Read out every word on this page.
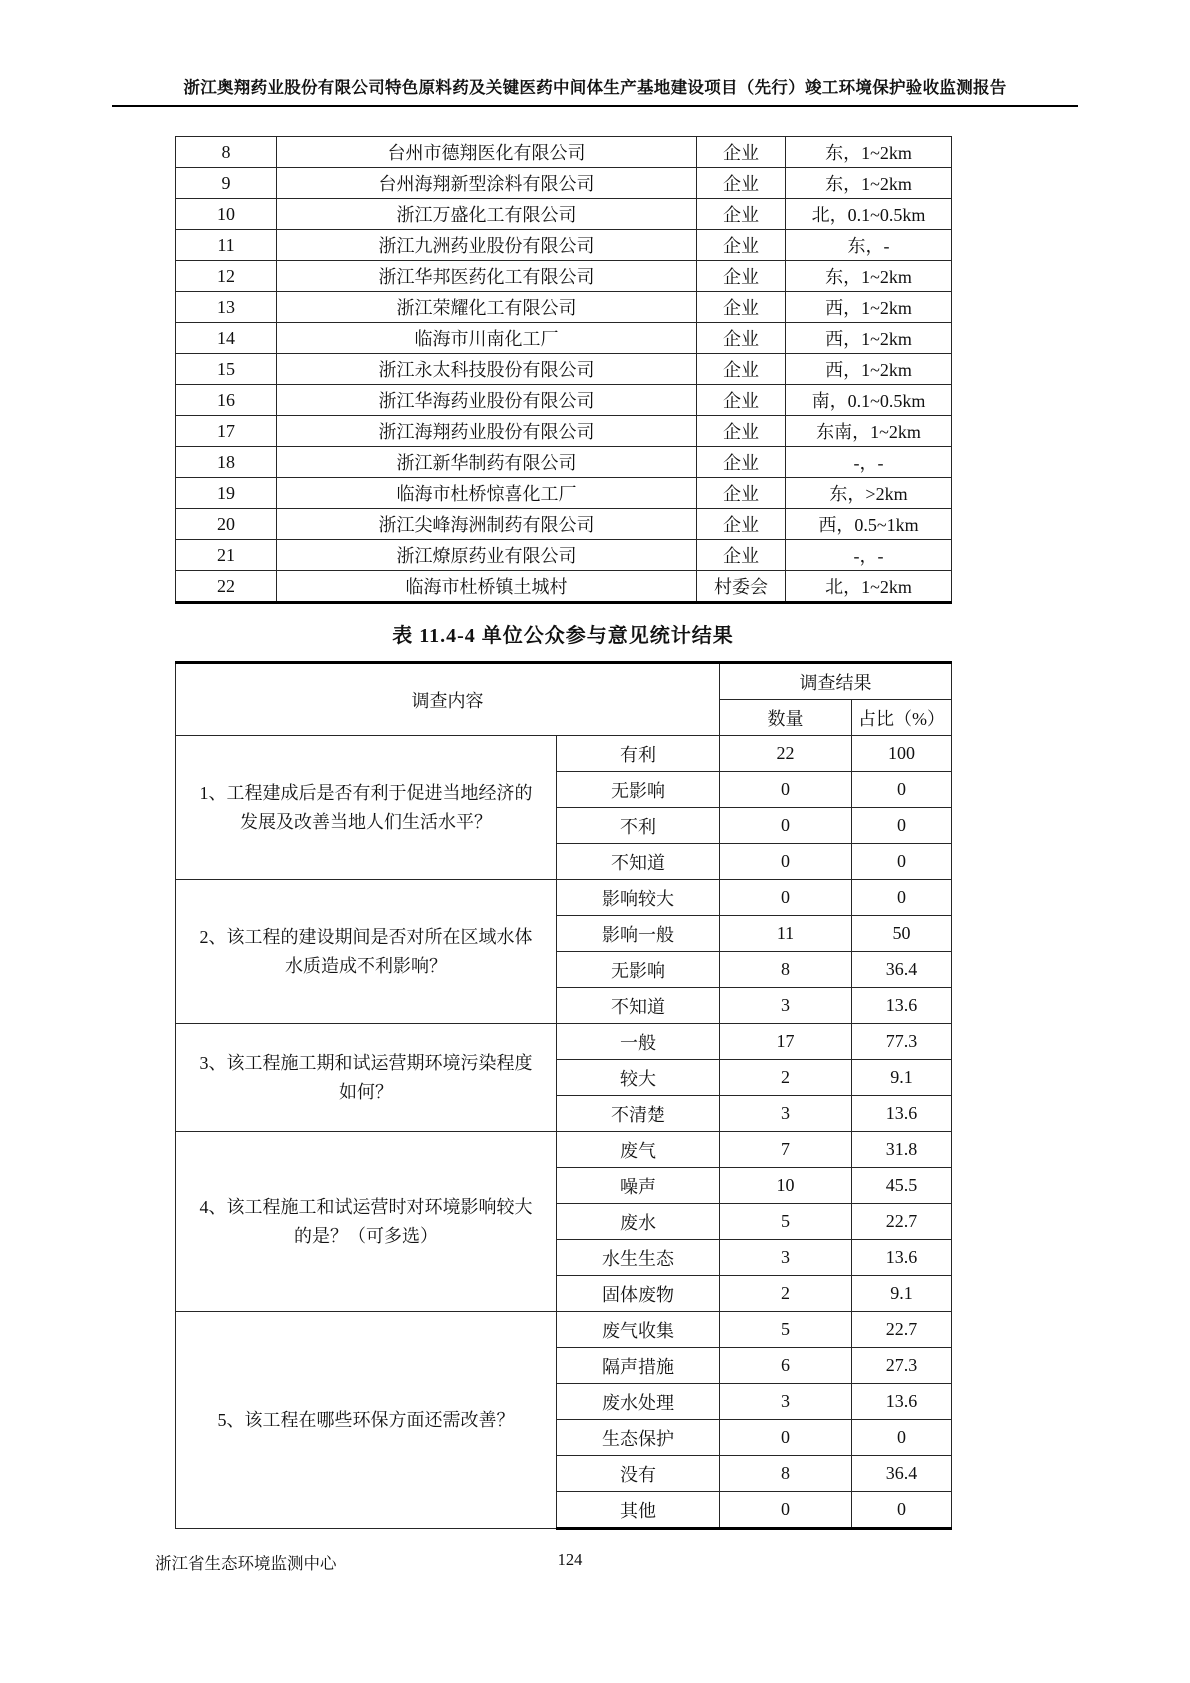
浙江奥翔药业股份有限公司特色原料药及关键医药中间体生产基地建设项目（先行）竣工环境保护验收监测报告
8	台州市德翔医化有限公司	企业	东，1~2km
9	台州海翔新型涂料有限公司	企业	东，1~2km
10	浙江万盛化工有限公司	企业	北，0.1~0.5km
11	浙江九洲药业股份有限公司	企业	东，-
12	浙江华邦医药化工有限公司	企业	东，1~2km
13	浙江荣耀化工有限公司	企业	西，1~2km
14	临海市川南化工厂	企业	西，1~2km
15	浙江永太科技股份有限公司	企业	西，1~2km
16	浙江华海药业股份有限公司	企业	南，0.1~0.5km
17	浙江海翔药业股份有限公司	企业	东南，1~2km
18	浙江新华制药有限公司	企业	-，-
19	临海市杜桥惊喜化工厂	企业	东，>2km
20	浙江尖峰海洲制药有限公司	企业	西，0.5~1km
21	浙江燎原药业有限公司	企业	-，-
22	临海市杜桥镇土城村	村委会	北，1~2km
表 11.4-4 单位公众参与意见统计结果
调查内容		调查结果	
		数量	占比（%）
1、工程建成后是否有利于促进当地经济的发展及改善当地人们生活水平？	有利	22	100
	无影响	0	0
	不利	0	0
	不知道	0	0
2、该工程的建设期间是否对所在区域水体水质造成不利影响？	影响较大	0	0
	影响一般	11	50
	无影响	8	36.4
	不知道	3	13.6
3、该工程施工期和试运营期环境污染程度如何？	一般	17	77.3
	较大	2	9.1
	不清楚	3	13.6
4、该工程施工和试运营时对环境影响较大的是？（可多选）	废气	7	31.8
	噪声	10	45.5
	废水	5	22.7
	水生生态	3	13.6
	固体废物	2	9.1
5、该工程在哪些环保方面还需改善？	废气收集	5	22.7
	隔声措施	6	27.3
	废水处理	3	13.6
	生态保护	0	0
	没有	8	36.4
	其他	0	0
浙江省生态环境监测中心	124
